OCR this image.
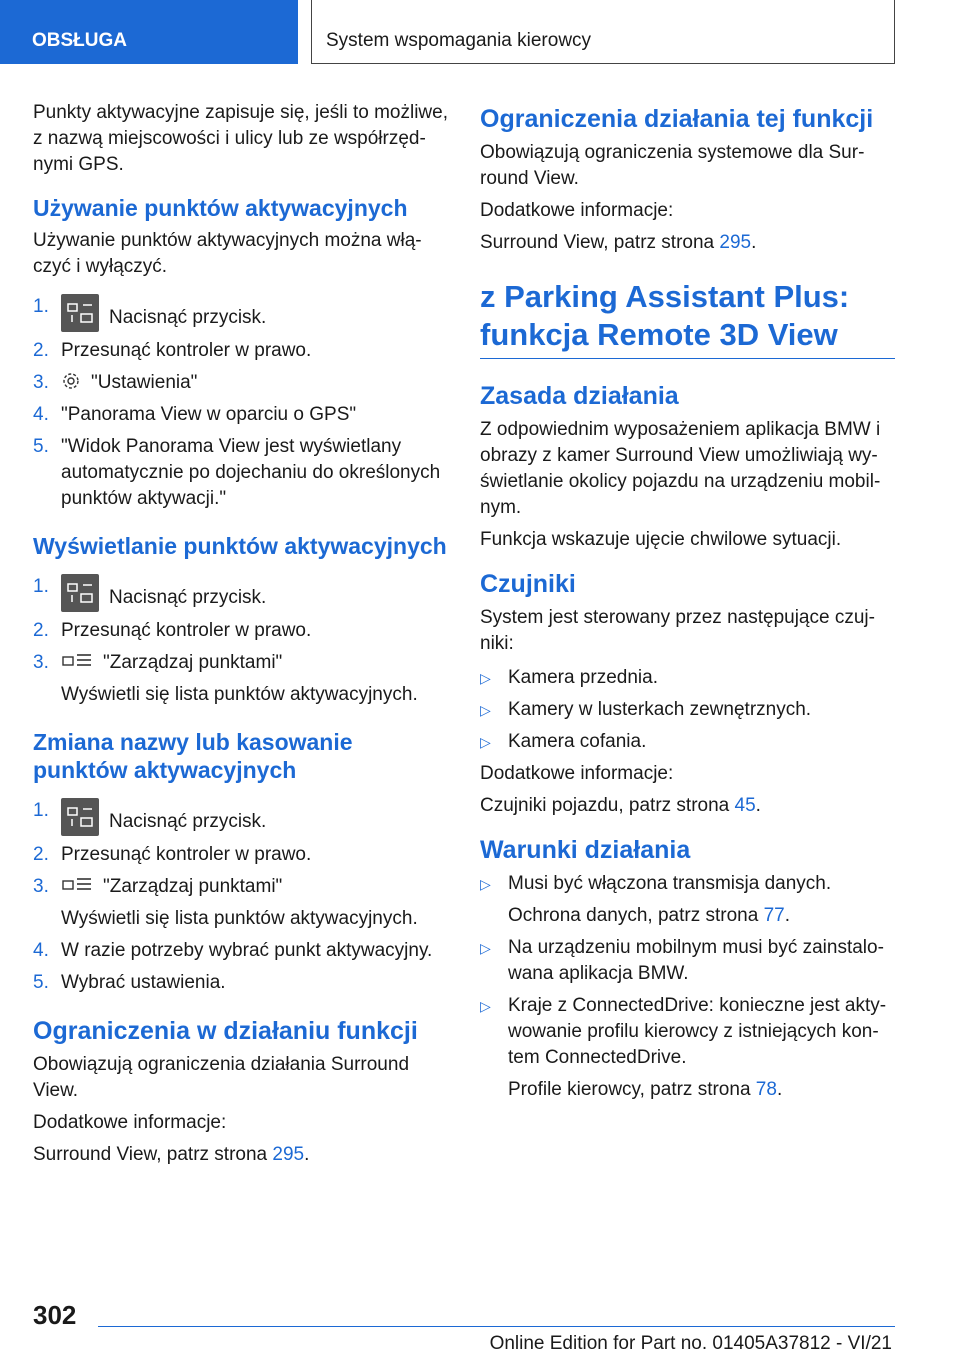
OBSŁUGA	System wspomagania kierowcy

Punkty aktywacyjne zapisuje się, jeśli to możliwe, z nazwą miejscowości i ulicy lub ze współrzędnymi GPS.

Używanie punktów aktywacyjnych

Używanie punktów aktywacyjnych można włączyć i wyłączyć.

1.
Nacisnąć przycisk.
2. Przesunąć kontroler w prawo.
3.	"Ustawienia"
4. "Panorama View w oparciu o GPS"
5. "Widok Panorama View jest wyświetlany automatycznie po dojechaniu do określonych punktów aktywacji."
Wyświetlanie punktów aktywacyjnych
1.
Nacisnąć przycisk.
2. Przesunąć kontroler w prawo.
3.	"Zarządzaj punktami"
Wyświetli się lista punktów aktywacyjnych.
Zmiana nazwy lub kasowanie punktów aktywacyjnych
1.
Nacisnąć przycisk.
2. Przesunąć kontroler w prawo.
3.	"Zarządzaj punktami"
Wyświetli się lista punktów aktywacyjnych.
4. W razie potrzeby wybrać punkt aktywacyjny.
5. Wybrać ustawienia.
Ograniczenia w działaniu funkcji

Obowiązują ograniczenia działania Surround View.

Dodatkowe informacje:

Surround View, patrz strona 295.

Ograniczenia działania tej funkcji

Obowiązują ograniczenia systemowe dla Surround View.

Dodatkowe informacje:

Surround View, patrz strona 295.

z Parking Assistant Plus: funkcja Remote 3D View
Zasada działania

Z odpowiednim wyposażeniem aplikacja BMW i obrazy z kamer Surround View umożliwiają wyświetlanie okolicy pojazdu na urządzeniu mobilnym.

Funkcja wskazuje ujęcie chwilowe sytuacji.

Czujniki

System jest sterowany przez następujące czujniki:

▷ Kamera przednia.
▷ Kamery w lusterkach zewnętrznych.
▷ Kamera cofania.

Dodatkowe informacje:

Czujniki pojazdu, patrz strona 45.

Warunki działania
▷ Musi być włączona transmisja danych.
Ochrona danych, patrz strona 77.
▷ Na urządzeniu mobilnym musi być zainstalowana aplikacja BMW.
▷ Kraje z ConnectedDrive: konieczne jest aktywowanie profilu kierowcy z istniejących kontem ConnectedDrive.
Profile kierowcy, patrz strona 78.
302
Online Edition for Part no. 01405A37812 - VI/21
